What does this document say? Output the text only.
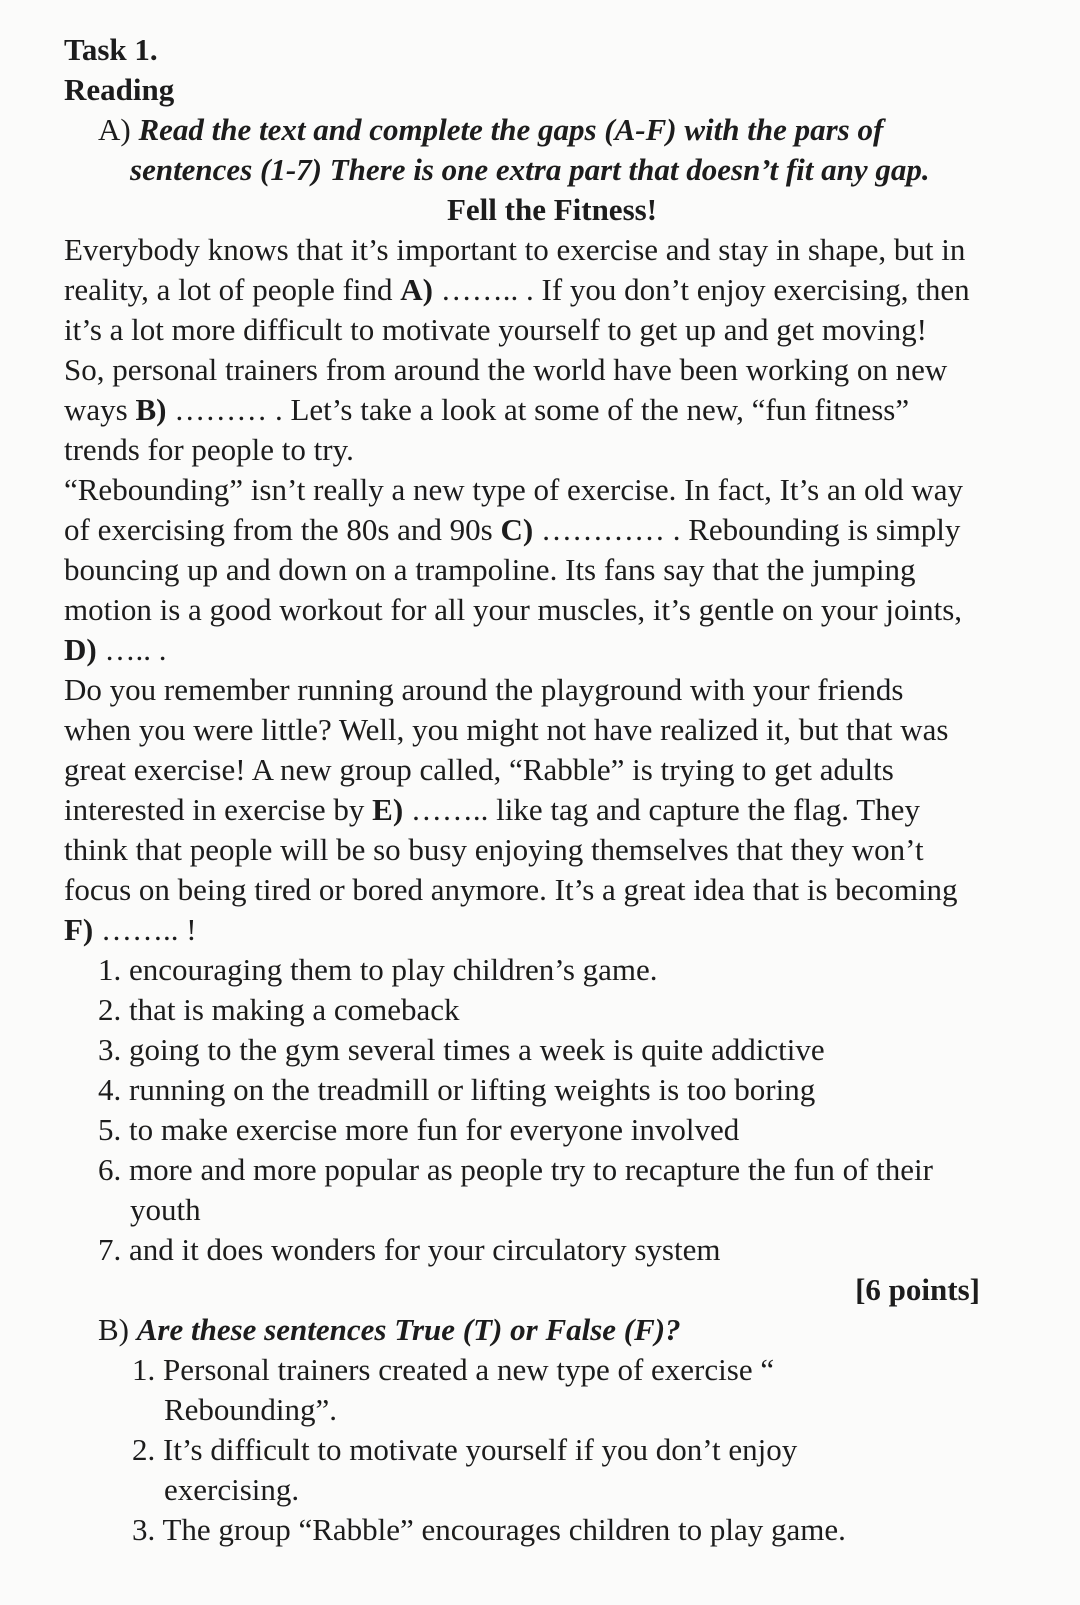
Task 1.

Reading

A) Read the text and complete the gaps (A-F) with the pars of sentences (1-7) There is one extra part that doesn’t fit any gap.

Fell the Fitness!

Everybody knows that it’s important to exercise and stay in shape, but in reality, a lot of people find A) …….. . If you don’t enjoy exercising, then it’s a lot more difficult to motivate yourself to get up and get moving! So, personal trainers from around the world have been working on new ways B) ……… . Let’s take a look at some of the new, “fun fitness” trends for people to try.

“Rebounding” isn’t really a new type of exercise. In fact, It’s an old way of exercising from the 80s and 90s C) ………… . Rebounding is simply bouncing up and down on a trampoline. Its fans say that the jumping motion is a good workout for all your muscles, it’s gentle on your joints, D) ….. .

Do you remember running around the playground with your friends when you were little? Well, you might not have realized it, but that was great exercise! A new group called, “Rabble” is trying to get adults interested in exercise by E) …….. like tag and capture the flag. They think that people will be so busy enjoying themselves that they won’t focus on being tired or bored anymore. It’s a great idea that is becoming F) …….. !

1. encouraging them to play children’s game.
2. that is making a comeback
3. going to the gym several times a week is quite addictive
4. running on the treadmill or lifting weights is too boring
5. to make exercise more fun for everyone involved
6. more and more popular as people try to recapture the fun of their youth
7. and it does wonders for your circulatory system

[6 points]

B) Are these sentences True (T) or False (F)?

1. Personal trainers created a new type of exercise “ Rebounding”.
2. It’s difficult to motivate yourself if you don’t enjoy exercising.
3. The group “Rabble” encourages children to play game.
